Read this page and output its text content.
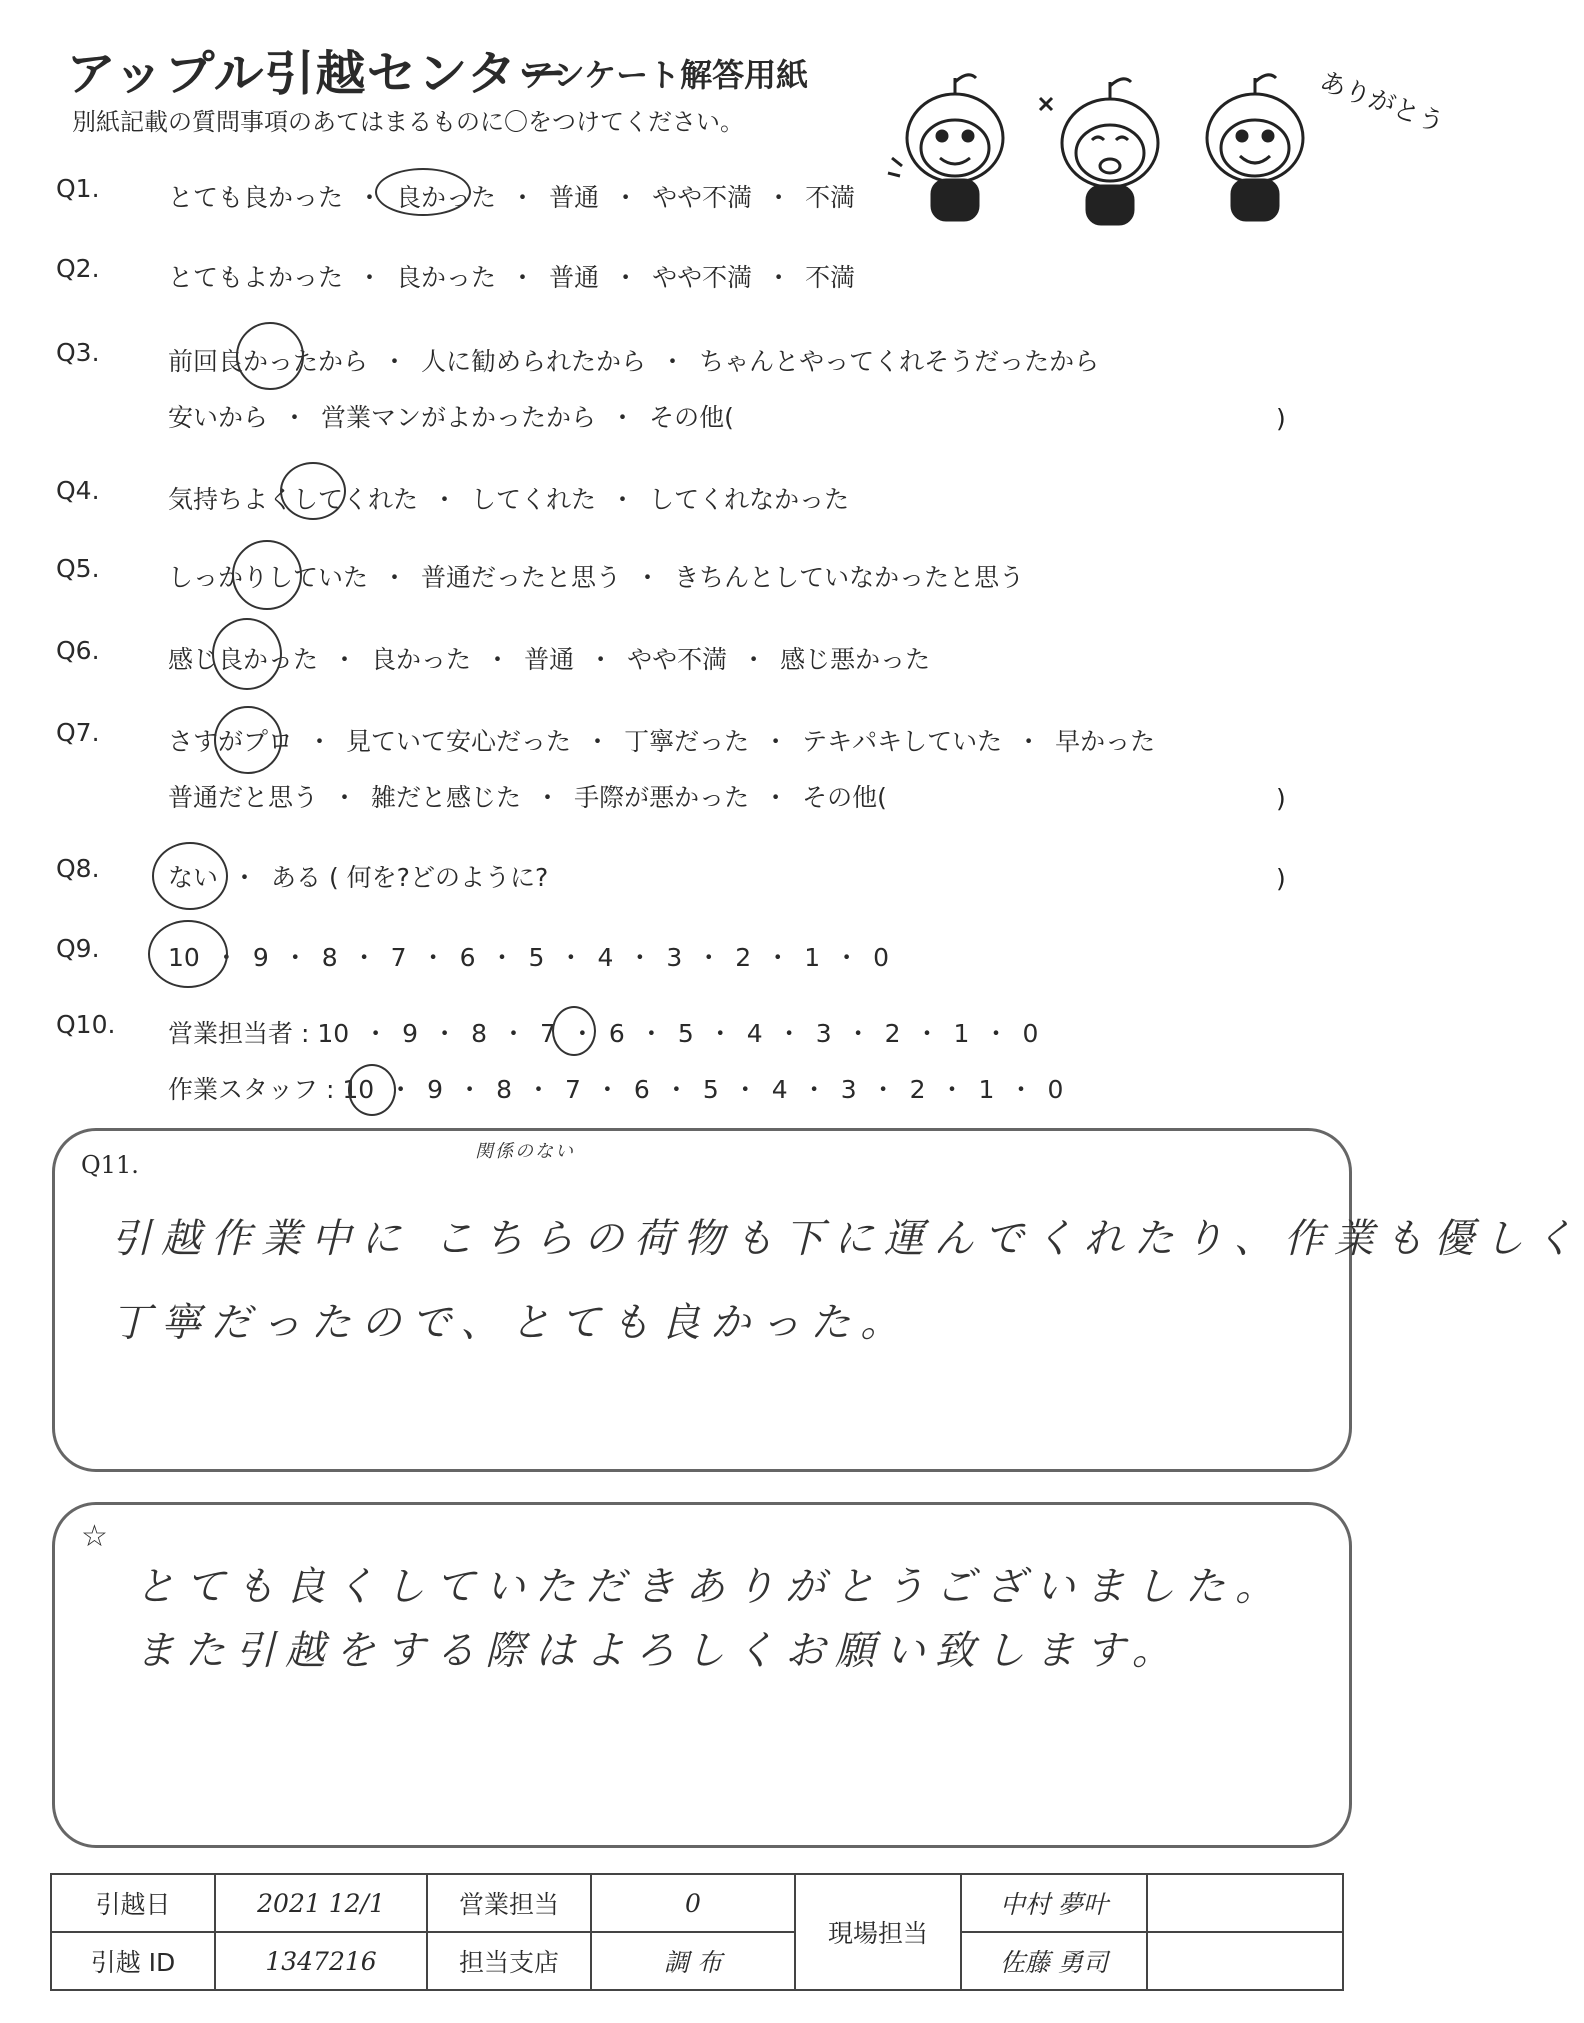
アップル引越センター
アンケート解答用紙
別紙記載の質問事項のあてはまるものに〇をつけてください。	ありがとう
Q1.	とても良かった ・ 良かった ・ 普通 ・ やや不満 ・ 不満
Q2.	とてもよかった ・ 良かった ・ 普通 ・ やや不満 ・ 不満
Q3.	前回良かったから ・ 人に勧められたから ・ ちゃんとやってくれそうだったから
安いから ・ 営業マンがよかったから ・ その他(	)
Q4.	気持ちよくしてくれた ・ してくれた ・ してくれなかった
Q5.	しっかりしていた ・ 普通だったと思う ・ きちんとしていなかったと思う
Q6.	感じ良かった ・ 良かった ・ 普通 ・ やや不満 ・ 感じ悪かった
Q7.	さすがプロ ・ 見ていて安心だった ・ 丁寧だった ・ テキパキしていた ・ 早かった
普通だと思う ・ 雑だと感じた ・ 手際が悪かった ・ その他(	)
Q8.	ない ・ ある ( 何を?どのように?	)
Q9.	10 ・ 9 ・ 8 ・ 7 ・ 6 ・ 5 ・ 4 ・ 3 ・ 2 ・ 1 ・ 0
Q10. 営業担当者 : 10 ・ 9 ・ 8 ・ 7 ・ 6 ・ 5 ・ 4 ・ 3 ・ 2 ・ 1 ・ 0
作業スタッフ : 10 ・ 9 ・ 8 ・ 7 ・ 6 ・ 5 ・ 4 ・ 3 ・ 2 ・ 1 ・ 0
Q11.	関係のない
引越作業中に こちらの荷物も下に運んでくれたり、作業も優しく
丁寧だったので、とても良かった。
☆
とても良くしていただきありがとうございました。
また引越をする際はよろしくお願い致します。
引越日	2021 12/1	営業担当	0	現場担当	中村 夢叶	
引越 ID	1347216	担当支店	調 布		佐藤 勇司	
